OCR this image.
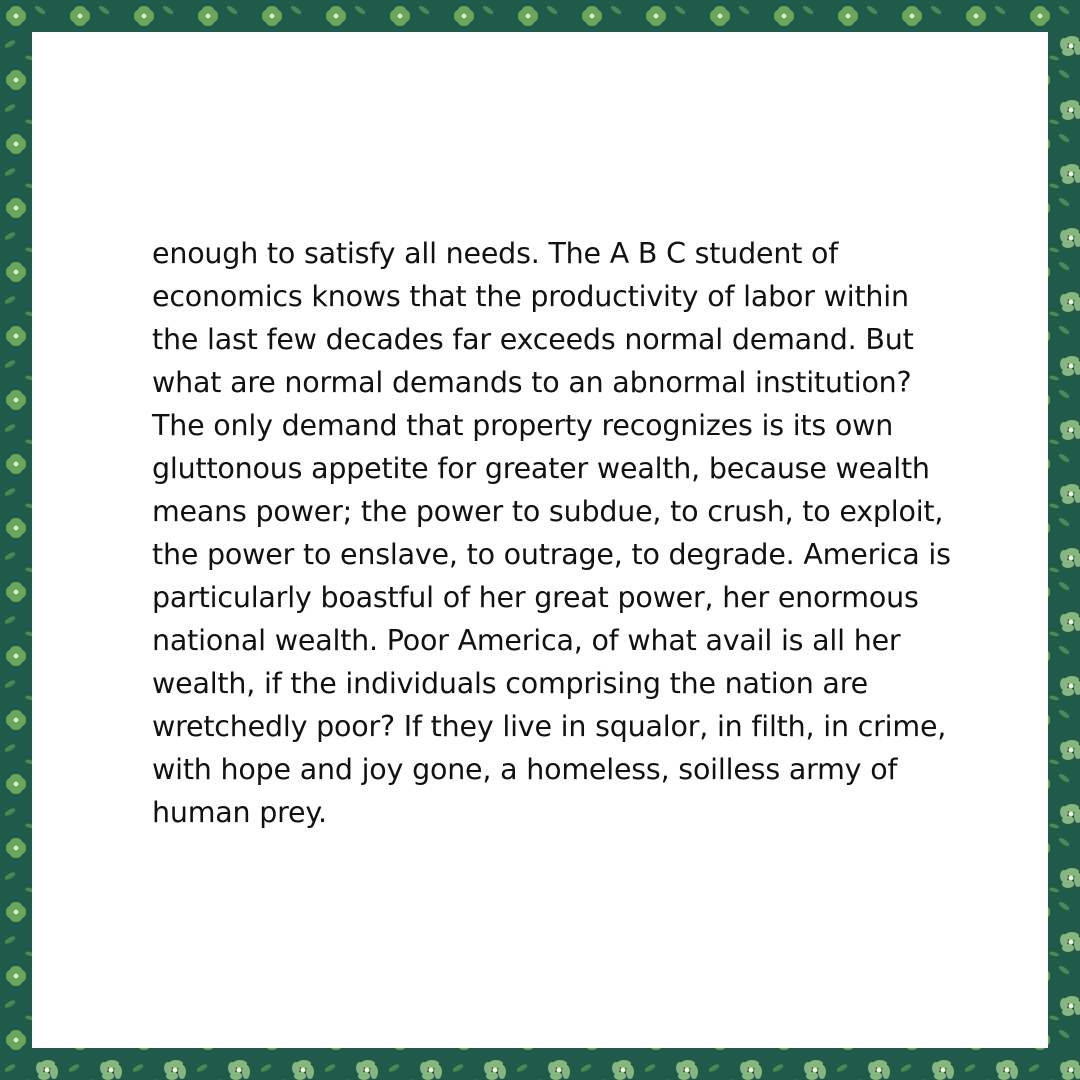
enough to satisfy all needs. The A B C student of
economics knows that the productivity of labor within
the last few decades far exceeds normal demand. But
what are normal demands to an abnormal institution?
The only demand that property recognizes is its own
gluttonous appetite for greater wealth, because wealth
means power; the power to subdue, to crush, to exploit,
the power to enslave, to outrage, to degrade. America is
particularly boastful of her great power, her enormous
national wealth. Poor America, of what avail is all her
wealth, if the individuals comprising the nation are
wretchedly poor? If they live in squalor, in filth, in crime,
with hope and joy gone, a homeless, soilless army of
human prey.
